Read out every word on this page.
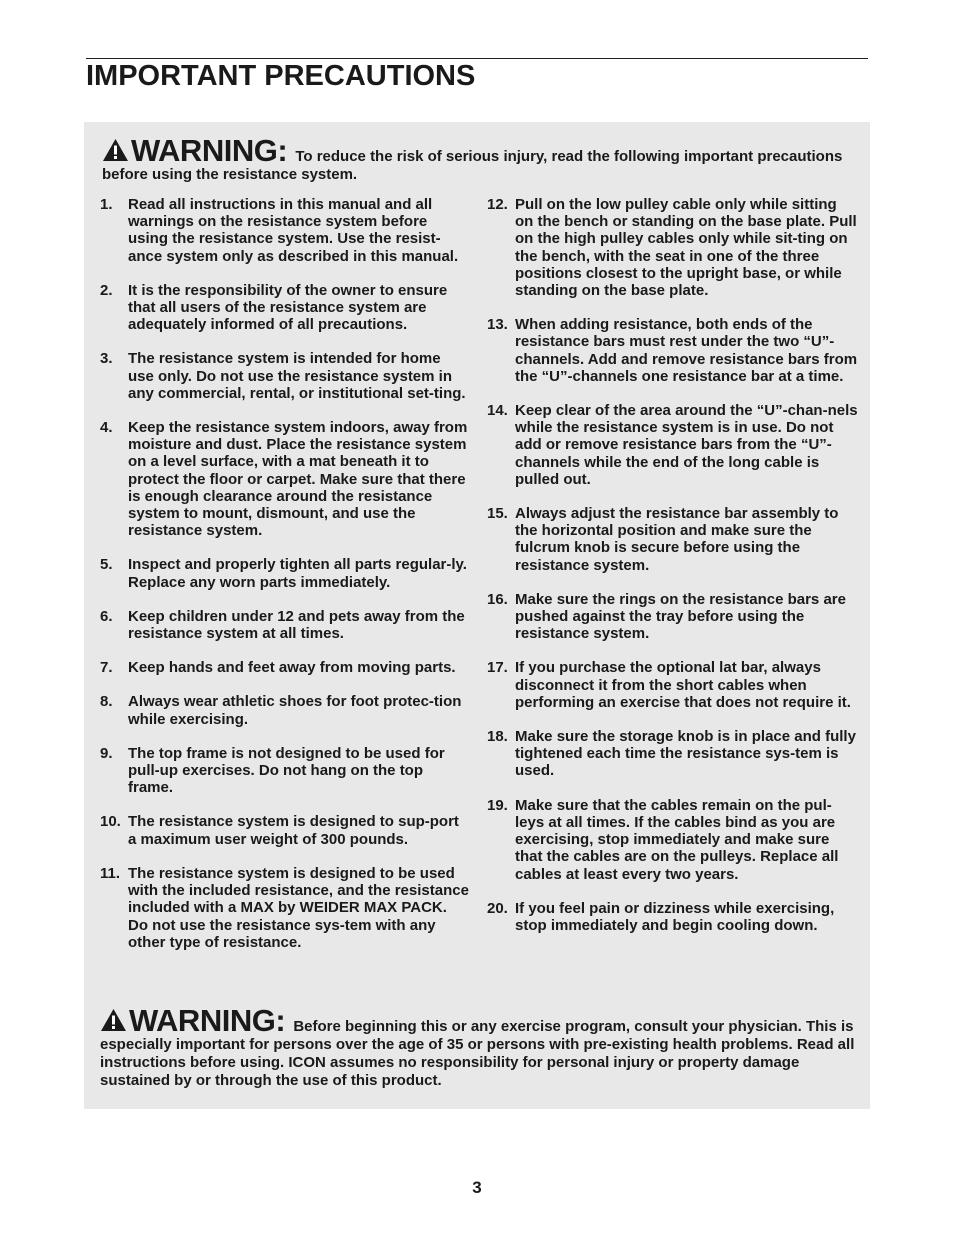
IMPORTANT PRECAUTIONS
WARNING: To reduce the risk of serious injury, read the following important precautions before using the resistance system.
1.	Read all instructions in this manual and all warnings on the resistance system before using the resistance system. Use the resist-ance system only as described in this manual.
2.	It is the responsibility of the owner to ensure that all users of the resistance system are adequately informed of all precautions.
3.	The resistance system is intended for home use only. Do not use the resistance system in any commercial, rental, or institutional set-ting.
4.	Keep the resistance system indoors, away from moisture and dust. Place the resistance system on a level surface, with a mat beneath it to protect the floor or carpet. Make sure that there is enough clearance around the resistance system to mount, dismount, and use the resistance system.
5.	Inspect and properly tighten all parts regular-ly. Replace any worn parts immediately.
6.	Keep children under 12 and pets away from the resistance system at all times.
7.	Keep hands and feet away from moving parts.
8.	Always wear athletic shoes for foot protec-tion while exercising.
9.	The top frame is not designed to be used for pull-up exercises. Do not hang on the top frame.
10. The resistance system is designed to sup-port a maximum user weight of 300 pounds.
11. The resistance system is designed to be used with the included resistance, and the resistance included with a MAX by WEIDER MAX PACK. Do not use the resistance sys-tem with any other type of resistance.
12. Pull on the low pulley cable only while sitting on the bench or standing on the base plate. Pull on the high pulley cables only while sit-ting on the bench, with the seat in one of the three positions closest to the upright base, or while standing on the base plate.
13. When adding resistance, both ends of the resistance bars must rest under the two “U”-channels. Add and remove resistance bars from the “U”-channels one resistance bar at a time.
14. Keep clear of the area around the “U”-chan-nels while the resistance system is in use. Do not add or remove resistance bars from the “U”-channels while the end of the long cable is pulled out.
15. Always adjust the resistance bar assembly to the horizontal position and make sure the fulcrum knob is secure before using the resistance system.
16. Make sure the rings on the resistance bars are pushed against the tray before using the resistance system.
17. If you purchase the optional lat bar, always disconnect it from the short cables when performing an exercise that does not require it.
18. Make sure the storage knob is in place and fully tightened each time the resistance sys-tem is used.
19. Make sure that the cables remain on the pul-leys at all times. If the cables bind as you are exercising, stop immediately and make sure that the cables are on the pulleys. Replace all cables at least every two years.
20. If you feel pain or dizziness while exercising, stop immediately and begin cooling down.
WARNING: Before beginning this or any exercise program, consult your physician. This is especially important for persons over the age of 35 or persons with pre-existing health problems. Read all instructions before using. ICON assumes no responsibility for personal injury or property damage sustained by or through the use of this product.
3
